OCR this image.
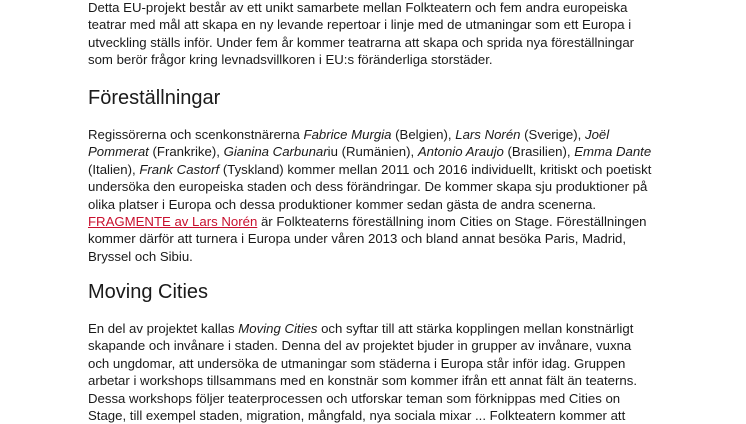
Detta EU-projekt består av ett unikt samarbete mellan Folkteatern och fem andra europeiska
teatrar med mål att skapa en ny levande repertoar i linje med de utmaningar som ett Europa i
utveckling ställs inför. Under fem år kommer teatrarna att skapa och sprida nya föreställningar
som berör frågor kring levnadsvillkoren i EU:s föränderliga storstäder.

Föreställningar

Regissörerna och scenkonstnärerna Fabrice Murgia (Belgien), Lars Norén (Sverige), Joël
Pommerat (Frankrike), Gianina Carbunariu (Rumänien), Antonio Araujo (Brasilien), Emma Dante
(Italien), Frank Castorf (Tyskland) kommer mellan 2011 och 2016 individuellt, kritiskt och poetiskt
undersöka den europeiska staden och dess förändringar. De kommer skapa sju produktioner på
olika platser i Europa och dessa produktioner kommer sedan gästa de andra scenerna.
FRAGMENTE av Lars Norén är Folkteaterns föreställning inom Cities on Stage. Föreställningen
kommer därför att turnera i Europa under våren 2013 och bland annat besöka Paris, Madrid,
Bryssel och Sibiu.

Moving Cities

En del av projektet kallas Moving Cities och syftar till att stärka kopplingen mellan konstnärligt
skapande och invånare i staden. Denna del av projektet bjuder in grupper av invånare, vuxna
och ungdomar, att undersöka de utmaningar som städerna i Europa står inför idag. Gruppen
arbetar i workshops tillsammans med en konstnär som kommer ifrån ett annat fält än teaterns.
Dessa workshops följer teaterprocessen och utforskar teman som förknippas med Cities on
Stage, till exempel staden, migration, mångfald, nya sociala mixar ... Folkteatern kommer att
